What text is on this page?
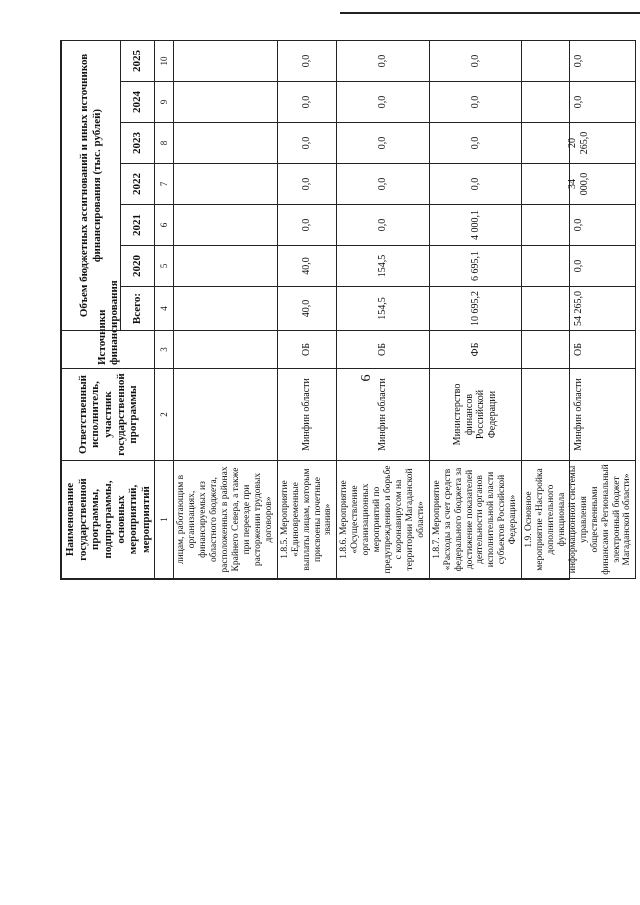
6
Наименование государственной программы, подпрограммы, основных мероприятий, мероприятий	Ответственный исполнитель, участник государственной программы	Источники финансирования	Объем бюджетных ассигнований и иных источников финансирования (тыс. рублей)						
			Всего:	2020	2021	2022	2023	2024	2025
1	2	3	4	5	6	7	8	9	10
лицам, работающим в организациях, финансируемых из областного бюджета, расположенных в районах Крайнего Севера, а также при переезде при расторжении трудовых договоров»									
1.8.5. Мероприятие «Единовременные выплаты лицам, которым присвоены почетные звания»	Минфин области	ОБ	40,0	40,0	0,0	0,0	0,0	0,0	0,0
1.8.6. Мероприятие «Осуществление организационных мероприятий по предупреждению и борьбе с коронавирусом на территории Магаданской области»	Минфин области	ОБ	154,5	154,5	0,0	0,0	0,0	0,0	0,0
1.8.7. Мероприятие «Расходы за счет средств федерального бюджета за достижение показателей деятельности органов исполнительной власти субъектов Российской Федерации»	Министерство финансов Российской Федерации	ФБ	10 695,2	6 695,1	4 000,1	0,0	0,0	0,0	0,0
1.9. Основное мероприятие «Настройка дополнительного функционала информационной системы управления общественными финансами «Региональный электронный бюджет Магаданской области»	Минфин области	ОБ	54 265,0	0,0	0,0	34 000,0	20 265,0	0,0	0,0
